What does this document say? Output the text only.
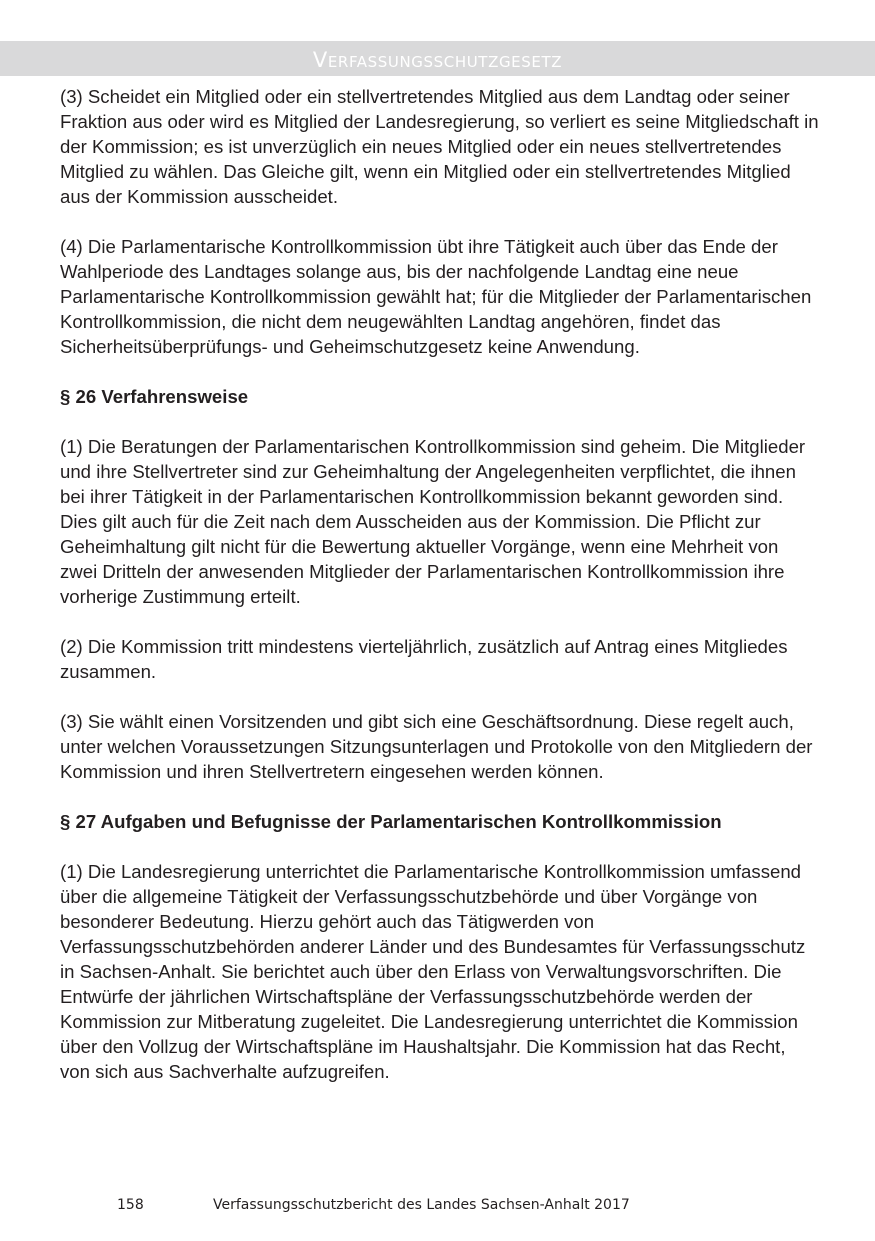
Verfassungsschutzgesetz

(3) Scheidet ein Mitglied oder ein stellvertretendes Mitglied aus dem Landtag oder seiner Fraktion aus oder wird es Mitglied der Landesregierung, so verliert es seine Mitgliedschaft in der Kommission; es ist unverzüglich ein neues Mitglied oder ein neues stellvertretendes Mitglied zu wählen. Das Gleiche gilt, wenn ein Mitglied oder ein stellvertretendes Mitglied aus der Kommission ausscheidet.

(4) Die Parlamentarische Kontrollkommission übt ihre Tätigkeit auch über das Ende der Wahlperiode des Landtages solange aus, bis der nachfolgende Landtag eine neue Parlamentarische Kontrollkommission gewählt hat; für die Mitglieder der Parlamentarischen Kontrollkommission, die nicht dem neugewählten Landtag angehören, findet das Sicherheitsüberprüfungs- und Geheimschutzgesetz keine Anwendung.

§ 26 Verfahrensweise

(1) Die Beratungen der Parlamentarischen Kontrollkommission sind geheim. Die Mitglieder und ihre Stellvertreter sind zur Geheimhaltung der Angelegenheiten verpflichtet, die ihnen bei ihrer Tätigkeit in der Parlamentarischen Kontrollkommission bekannt geworden sind. Dies gilt auch für die Zeit nach dem Ausscheiden aus der Kommission. Die Pflicht zur Geheimhaltung gilt nicht für die Bewertung aktueller Vorgänge, wenn eine Mehrheit von zwei Dritteln der anwesenden Mitglieder der Parlamentarischen Kontrollkommission ihre vorherige Zustimmung erteilt.

(2) Die Kommission tritt mindestens vierteljährlich, zusätzlich auf Antrag eines Mitgliedes zusammen.

(3) Sie wählt einen Vorsitzenden und gibt sich eine Geschäftsordnung. Diese regelt auch, unter welchen Voraussetzungen Sitzungsunterlagen und Protokolle von den Mitgliedern der Kommission und ihren Stellvertretern eingesehen werden können.

§ 27 Aufgaben und Befugnisse der Parlamentarischen Kontrollkommission

(1) Die Landesregierung unterrichtet die Parlamentarische Kontrollkommission umfassend über die allgemeine Tätigkeit der Verfassungsschutzbehörde und über Vorgänge von besonderer Bedeutung. Hierzu gehört auch das Tätigwerden von Verfassungsschutzbehörden anderer Länder und des Bundesamtes für Verfassungsschutz in Sachsen-Anhalt. Sie berichtet auch über den Erlass von Verwaltungsvorschriften. Die Entwürfe der jährlichen Wirtschaftspläne der Verfassungsschutzbehörde werden der Kommission zur Mitberatung zugeleitet. Die Landesregierung unterrichtet die Kommission über den Vollzug der Wirtschaftspläne im Haushaltsjahr. Die Kommission hat das Recht, von sich aus Sachverhalte aufzugreifen.

158	Verfassungsschutzbericht des Landes Sachsen-Anhalt 2017
